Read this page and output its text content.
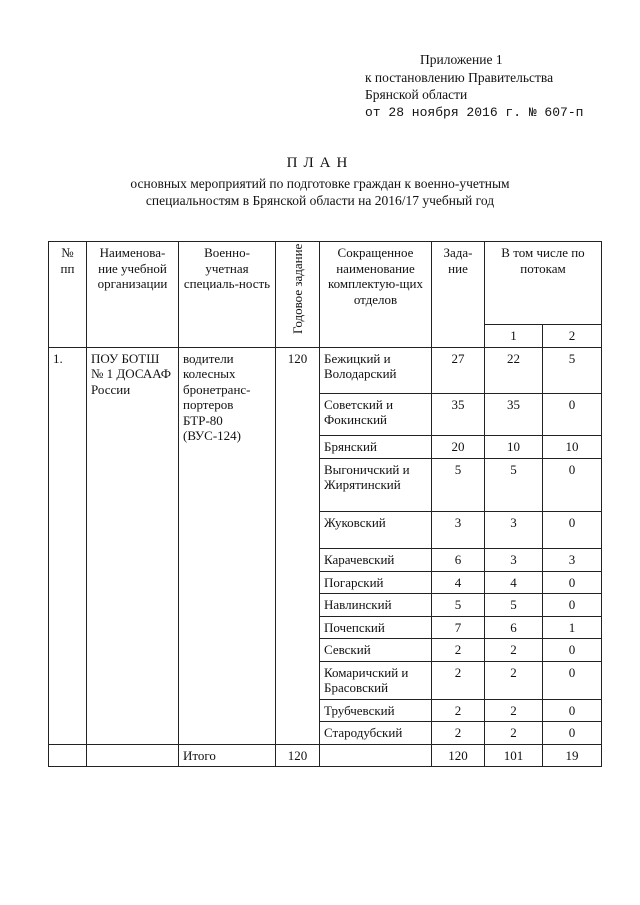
Приложение 1
к постановлению Правительства
Брянской области
от 28 ноября 2016 г. № 607-п
ПЛАН
основных мероприятий по подготовке граждан к военно-учетным
специальностям в Брянской области на 2016/17 учебный год
№ пп	Наименова-ние учебной организации	Военно-учетная специаль-ность	Годовое задание	Сокращенное наименование комплектую-щих отделов	Зада-ние	В том числе по потокам	
						1	2
1.	ПОУ БОТШ № 1 ДОСААФ России	водители колесных бронетранс-портеров БТР-80 (ВУС-124)	120	Бежицкий и Володарский	27	22	5
				Советский и Фокинский	35	35	0
				Брянский	20	10	10
				Выгоничский и Жирятинский	5	5	0
				Жуковский	3	3	0
				Карачевский	6	3	3
				Погарский	4	4	0
				Навлинский	5	5	0
				Почепский	7	6	1
				Севский	2	2	0
				Комаричский и Брасовский	2	2	0
				Трубчевский	2	2	0
				Стародубский	2	2	0
		Итого	120		120	101	19
